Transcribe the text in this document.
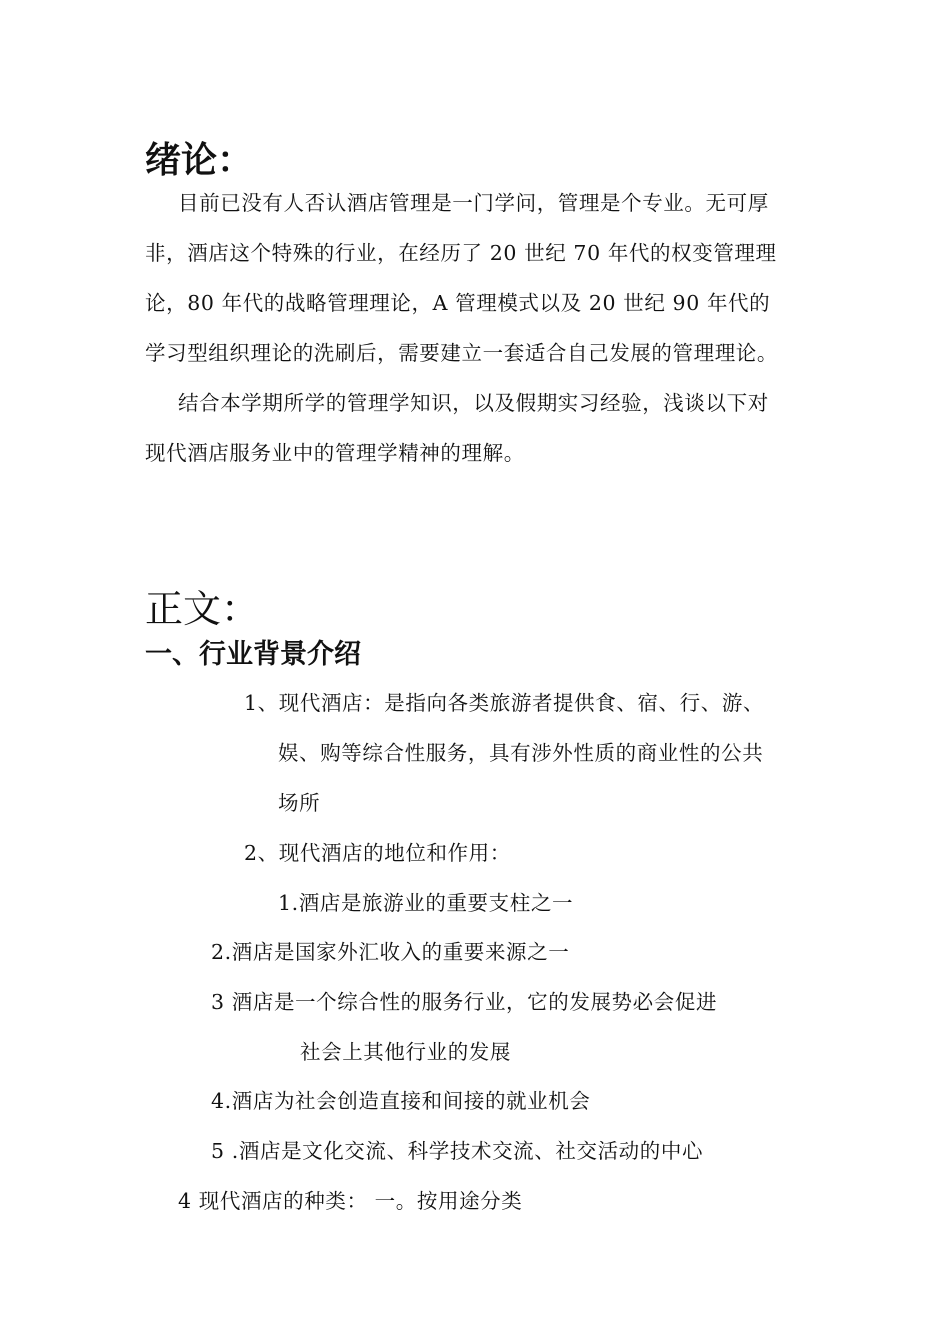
绪论：
目前已没有人否认酒店管理是一门学问，管理是个专业。无可厚
非，酒店这个特殊的行业，在经历了 20 世纪 70 年代的权变管理理
论，80 年代的战略管理理论，A 管理模式以及 20 世纪 90 年代的
学习型组织理论的洗刷后，需要建立一套适合自己发展的管理理论。
结合本学期所学的管理学知识，以及假期实习经验，浅谈以下对
现代酒店服务业中的管理学精神的理解。
正文：
一、行业背景介绍
1、现代酒店：是指向各类旅游者提供食、宿、行、游、
娱、购等综合性服务，具有涉外性质的商业性的公共
场所
2、现代酒店的地位和作用：
1.酒店是旅游业的重要支柱之一
2.酒店是国家外汇收入的重要来源之一
3 酒店是一个综合性的服务行业，它的发展势必会促进
社会上其他行业的发展
4.酒店为社会创造直接和间接的就业机会
5 .酒店是文化交流、科学技术交流、社交活动的中心
4 现代酒店的种类： 一。按用途分类
